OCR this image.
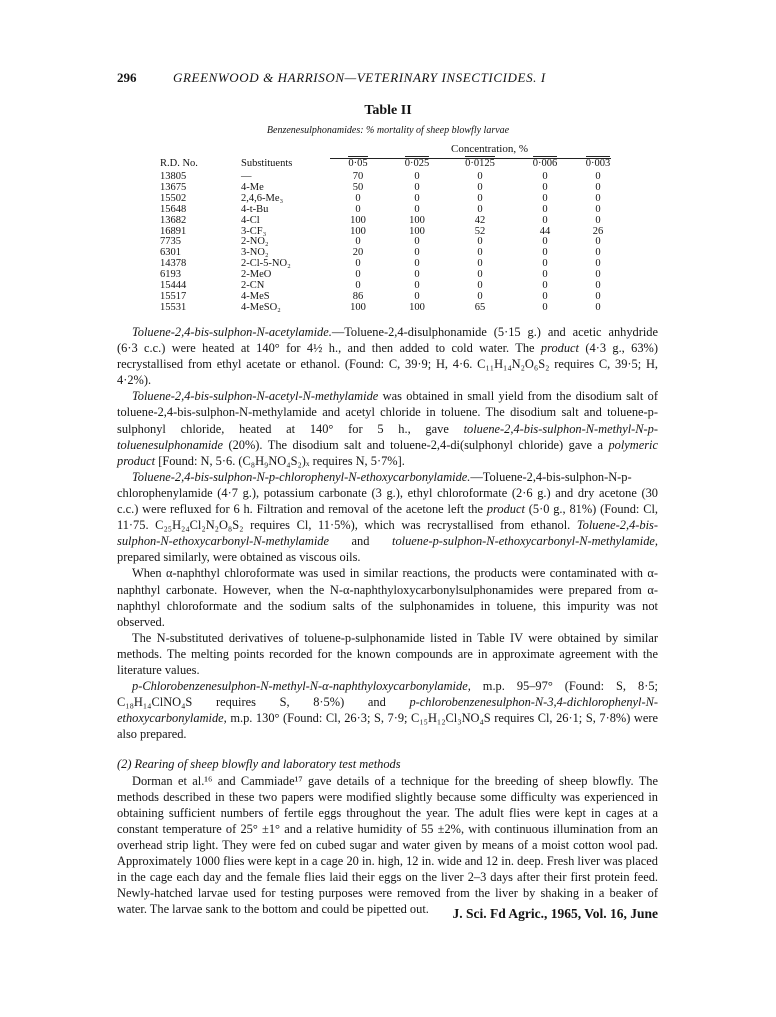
296	GREENWOOD & HARRISON—VETERINARY INSECTICIDES. I
Table II
Benzenesulphonamides: % mortality of sheep blowfly larvae
Concentration, %
R.D. No.	Substituents	0·05	0·025	0·0125	0·006	0·003
13805	—	70	0	0	0	0
13675	4-Me	50	0	0	0	0
15502	2,4,6-Me₃	0	0	0	0	0
15648	4-t-Bu	0	0	0	0	0
13682	4-Cl	100	100	42	0	0
16891	3-CF₃	100	100	52	44	26
7735	2-NO₂	0	0	0	0	0
6301	3-NO₂	20	0	0	0	0
14378	2-Cl-5-NO₂	0	0	0	0	0
6193	2-MeO	0	0	0	0	0
15444	2-CN	0	0	0	0	0
15517	4-MeS	86	0	0	0	0
15531	4-MeSO₂	100	100	65	0	0

Toluene-2,4-bis-sulphon-N-acetylamide.—Toluene-2,4-disulphonamide (5·15 g.) and acetic anhydride (6·3 c.c.) were heated at 140° for 4½ h., and then added to cold water. The product (4·3 g., 63%) recrystallised from ethyl acetate or ethanol. (Found: C, 39·9; H, 4·6. C₁₁H₁₄N₂O₆S₂ requires C, 39·5; H, 4·2%).

Toluene-2,4-bis-sulphon-N-acetyl-N-methylamide was obtained in small yield from the disodium salt of toluene-2,4-bis-sulphon-N-methylamide and acetyl chloride in toluene. The disodium salt and toluene-p-sulphonyl chloride, heated at 140° for 5 h., gave toluene-2,4-bis-sulphon-N-methyl-N-p-toluenesulphonamide (20%). The disodium salt and toluene-2,4-di(sulphonyl chloride) gave a polymeric product [Found: N, 5·6. (C₈H₉NO₄S₂)ₓ requires N, 5·7%].

Toluene-2,4-bis-sulphon-N-p-chlorophenyl-N-ethoxycarbonylamide.—Toluene-2,4-bis-sulphon-N-p-chlorophenylamide (4·7 g.), potassium carbonate (3 g.), ethyl chloroformate (2·6 g.) and dry acetone (30 c.c.) were refluxed for 6 h. Filtration and removal of the acetone left the product (5·0 g., 81%) (Found: Cl, 11·75. C₂₅H₂₄Cl₂N₂O₈S₂ requires Cl, 11·5%), which was recrystallised from ethanol. Toluene-2,4-bis-sulphon-N-ethoxycarbonyl-N-methylamide and toluene-p-sulphon-N-ethoxycarbonyl-N-methylamide, prepared similarly, were obtained as viscous oils.

When α-naphthyl chloroformate was used in similar reactions, the products were contaminated with α-naphthyl carbonate. However, when the N-α-naphthyloxycarbonylsulphonamides were prepared from α-naphthyl chloroformate and the sodium salts of the sulphonamides in toluene, this impurity was not observed.

The N-substituted derivatives of toluene-p-sulphonamide listed in Table IV were obtained by similar methods. The melting points recorded for the known compounds are in approximate agreement with the literature values.

p-Chlorobenzenesulphon-N-methyl-N-α-naphthyloxycarbonylamide, m.p. 95–97° (Found: S, 8·5; C₁₈H₁₄ClNO₄S requires S, 8·5%) and p-chlorobenzenesulphon-N-3,4-dichlorophenyl-N-ethoxycarbonylamide, m.p. 130° (Found: Cl, 26·3; S, 7·9; C₁₅H₁₂Cl₃NO₄S requires Cl, 26·1; S, 7·8%) were also prepared.

(2) Rearing of sheep blowfly and laboratory test methods

Dorman et al.¹⁶ and Cammiade¹⁷ gave details of a technique for the breeding of sheep blowfly. The methods described in these two papers were modified slightly because some difficulty was experienced in obtaining sufficient numbers of fertile eggs throughout the year. The adult flies were kept in cages at a constant temperature of 25° ±1° and a relative humidity of 55 ±2%, with continuous illumination from an overhead strip light. They were fed on cubed sugar and water given by means of a moist cotton wool pad. Approximately 1000 flies were kept in a cage 20 in. high, 12 in. wide and 12 in. deep. Fresh liver was placed in the cage each day and the female flies laid their eggs on the liver 2–3 days after their first protein feed. Newly-hatched larvae used for testing purposes were removed from the liver by shaking in a beaker of water. The larvae sank to the bottom and could be pipetted out.	J. Sci. Fd Agric., 1965, Vol. 16, June
